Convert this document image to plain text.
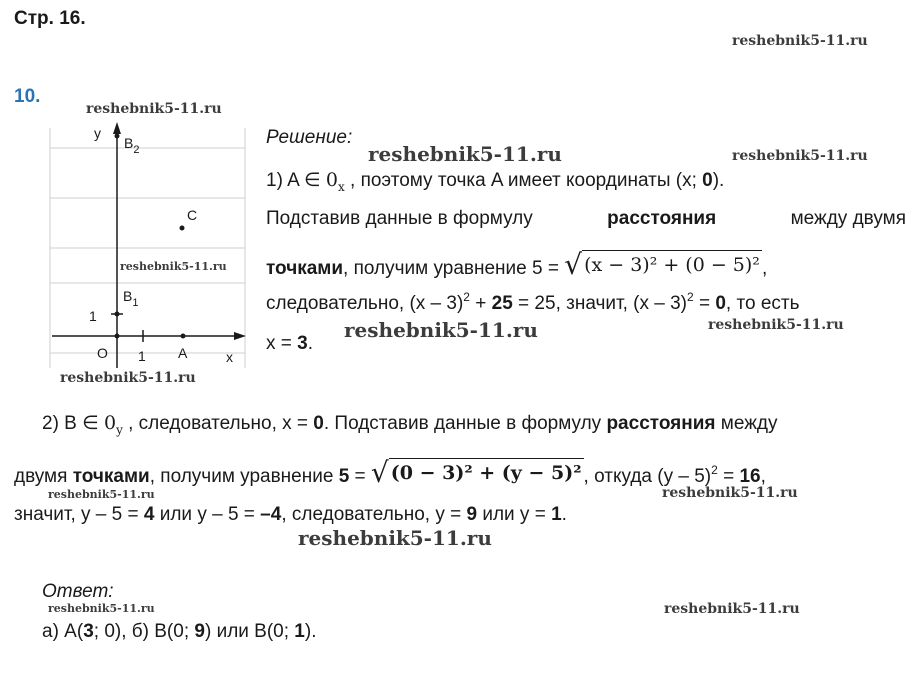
Стр. 16.
10.
reshebnik5-11.ru
reshebnik5-11.ru
reshebnik5-11.ru	reshebnik5-11.ru
reshebnik5-11.ru
reshebnik5-11.ru	reshebnik5-11.ru
reshebnik5-11.ru
reshebnik5-11.ru	reshebnik5-11.ru
reshebnik5-11.ru
reshebnik5-11.ru	reshebnik5-11.ru
y
x
O 1
1
A
$B_1$
$B_2$
C
Решение:
1) A ∈ $0_x$ , поэтому точка A имеет координаты (x; 0).
Подставив данные в формулу	расстояния	между двумя
точками, получим уравнение 5 = √ (x − 3)² + (0 − 5)² ,
следовательно, (x – 3)$^2$ + 25 = 25, значит, (x – 3)$^2$ = 0, то есть
x = 3.
2) B ∈ $0_y$ , следовательно, x = 0. Подставив данные в формулу расстояния между
двумя точками, получим уравнение 5 = √ (0 − 3)² + (y − 5)² , откуда (y – 5)$^2$ = 16,
значит, y – 5 = 4 или y – 5 = –4, следовательно, y = 9 или y = 1.
Ответ:
а) A(3; 0), б) B(0; 9) или B(0; 1).
